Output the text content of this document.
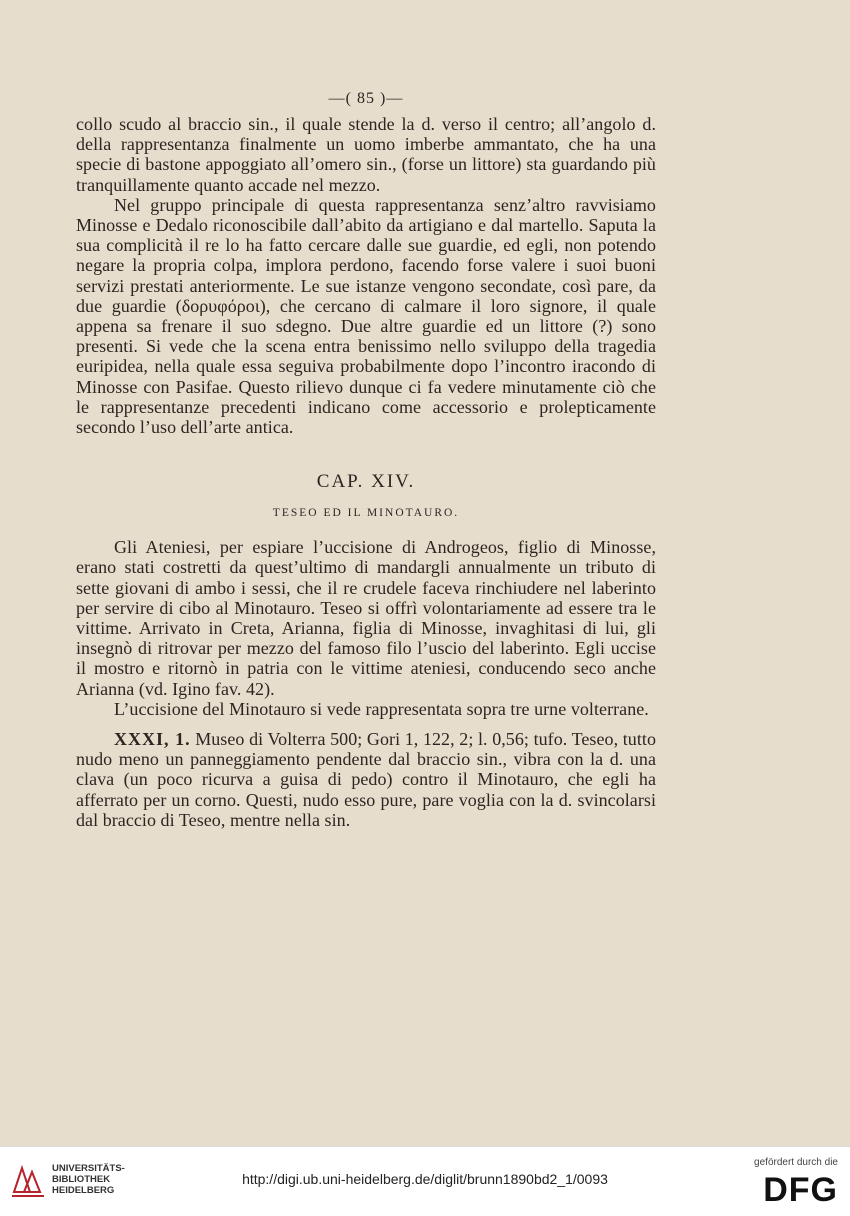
—( 85 )—

collo scudo al braccio sin., il quale stende la d. verso il centro; all’angolo d. della rappresentanza finalmente un uomo imberbe ammantato, che ha una specie di bastone appoggiato all’omero sin., (forse un littore) sta guardando più tranquillamente quanto accade nel mezzo.

Nel gruppo principale di questa rappresentanza senz’altro ravvisiamo Minosse e Dedalo riconoscibile dall’abito da artigiano e dal martello. Saputa la sua complicità il re lo ha fatto cercare dalle sue guardie, ed egli, non potendo negare la propria colpa, implora perdono, facendo forse valere i suoi buoni servizi prestati anteriormente. Le sue istanze vengono secondate, così pare, da due guardie (δορυφόροι), che cercano di calmare il loro signore, il quale appena sa frenare il suo sdegno. Due altre guardie ed un littore (?) sono presenti. Si vede che la scena entra benissimo nello sviluppo della tragedia euripidea, nella quale essa seguiva probabilmente dopo l’incontro iracondo di Minosse con Pasifae. Questo rilievo dunque ci fa vedere minutamente ciò che le rappresentanze precedenti indicano come accessorio e prolepticamente secondo l’uso dell’arte antica.

CAP. XIV.
TESEO ED IL MINOTAURO.

Gli Ateniesi, per espiare l’uccisione di Androgeos, figlio di Minosse, erano stati costretti da quest’ultimo di mandargli annualmente un tributo di sette giovani di ambo i sessi, che il re crudele faceva rinchiudere nel laberinto per servire di cibo al Minotauro. Teseo si offrì volontariamente ad essere tra le vittime. Arrivato in Creta, Arianna, figlia di Minosse, invaghitasi di lui, gli insegnò di ritrovar per mezzo del famoso filo l’uscio del laberinto. Egli uccise il mostro e ritornò in patria con le vittime ateniesi, conducendo seco anche Arianna (vd. Igino fav. 42).

L’uccisione del Minotauro si vede rappresentata sopra tre urne volterrane.

XXXI, 1. Museo di Volterra 500; Gori 1, 122, 2; l. 0,56; tufo. Teseo, tutto nudo meno un panneggiamento pendente dal braccio sin., vibra con la d. una clava (un poco ricurva a guisa di pedo) contro il Minotauro, che egli ha afferrato per un corno. Questi, nudo esso pure, pare voglia con la d. svincolarsi dal braccio di Teseo, mentre nella sin.

UNIVERSITÄTS-
BIBLIOTHEK
HEIDELBERG
http://digi.ub.uni-heidelberg.de/diglit/brunn1890bd2_1/0093
gefördert durch die
DFG
